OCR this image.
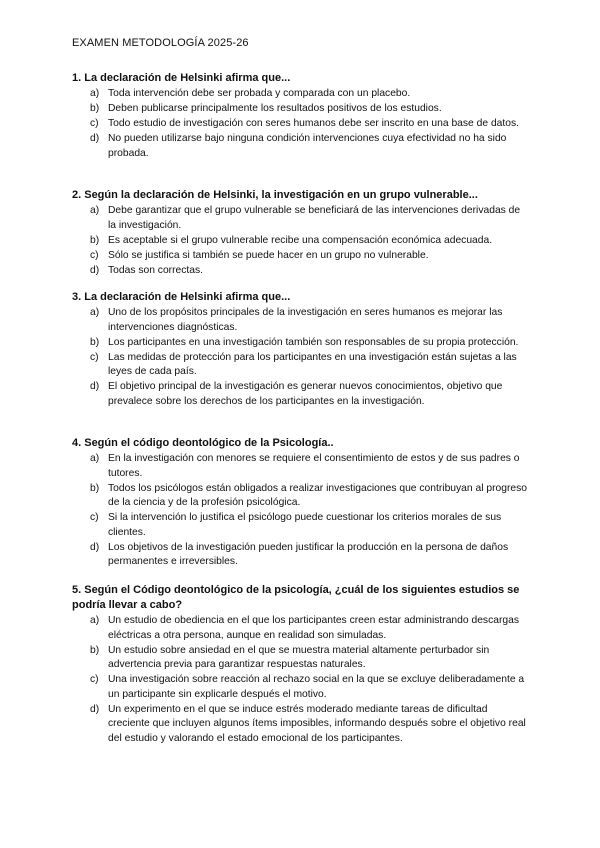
EXAMEN METODOLOGÍA 2025-26
1. La declaración de Helsinki afirma que...
a) Toda intervención debe ser probada y comparada con un placebo.
b) Deben publicarse principalmente los resultados positivos de los estudios.
c) Todo estudio de investigación con seres humanos debe ser inscrito en una base de datos.
d) No pueden utilizarse bajo ninguna condición intervenciones cuya efectividad no ha sido probada.
2. Según la declaración de Helsinki, la investigación en un grupo vulnerable...
a) Debe garantizar que el grupo vulnerable se beneficiará de las intervenciones derivadas de la investigación.
b) Es aceptable si el grupo vulnerable recibe una compensación económica adecuada.
c) Sólo se justifica si también se puede hacer en un grupo no vulnerable.
d) Todas son correctas.
3. La declaración de Helsinki afirma que...
a) Uno de los propósitos principales de la investigación en seres humanos es mejorar las intervenciones diagnósticas.
b) Los participantes en una investigación también son responsables de su propia protección.
c) Las medidas de protección para los participantes en una investigación están sujetas a las leyes de cada país.
d) El objetivo principal de la investigación es generar nuevos conocimientos, objetivo que prevalece sobre los derechos de los participantes en la investigación.
4. Según el código deontológico de la Psicología..
a) En la investigación con menores se requiere el consentimiento de estos y de sus padres o tutores.
b) Todos los psicólogos están obligados a realizar investigaciones que contribuyan al progreso de la ciencia y de la profesión psicológica.
c) Si la intervención lo justifica el psicólogo puede cuestionar los criterios morales de sus clientes.
d) Los objetivos de la investigación pueden justificar la producción en la persona de daños permanentes e irreversibles.
5. Según el Código deontológico de la psicología, ¿cuál de los siguientes estudios se podría llevar a cabo?
a) Un estudio de obediencia en el que los participantes creen estar administrando descargas eléctricas a otra persona, aunque en realidad son simuladas.
b) Un estudio sobre ansiedad en el que se muestra material altamente perturbador sin advertencia previa para garantizar respuestas naturales.
c) Una investigación sobre reacción al rechazo social en la que se excluye deliberadamente a un participante sin explicarle después el motivo.
d) Un experimento en el que se induce estrés moderado mediante tareas de dificultad creciente que incluyen algunos ítems imposibles, informando después sobre el objetivo real del estudio y valorando el estado emocional de los participantes.
